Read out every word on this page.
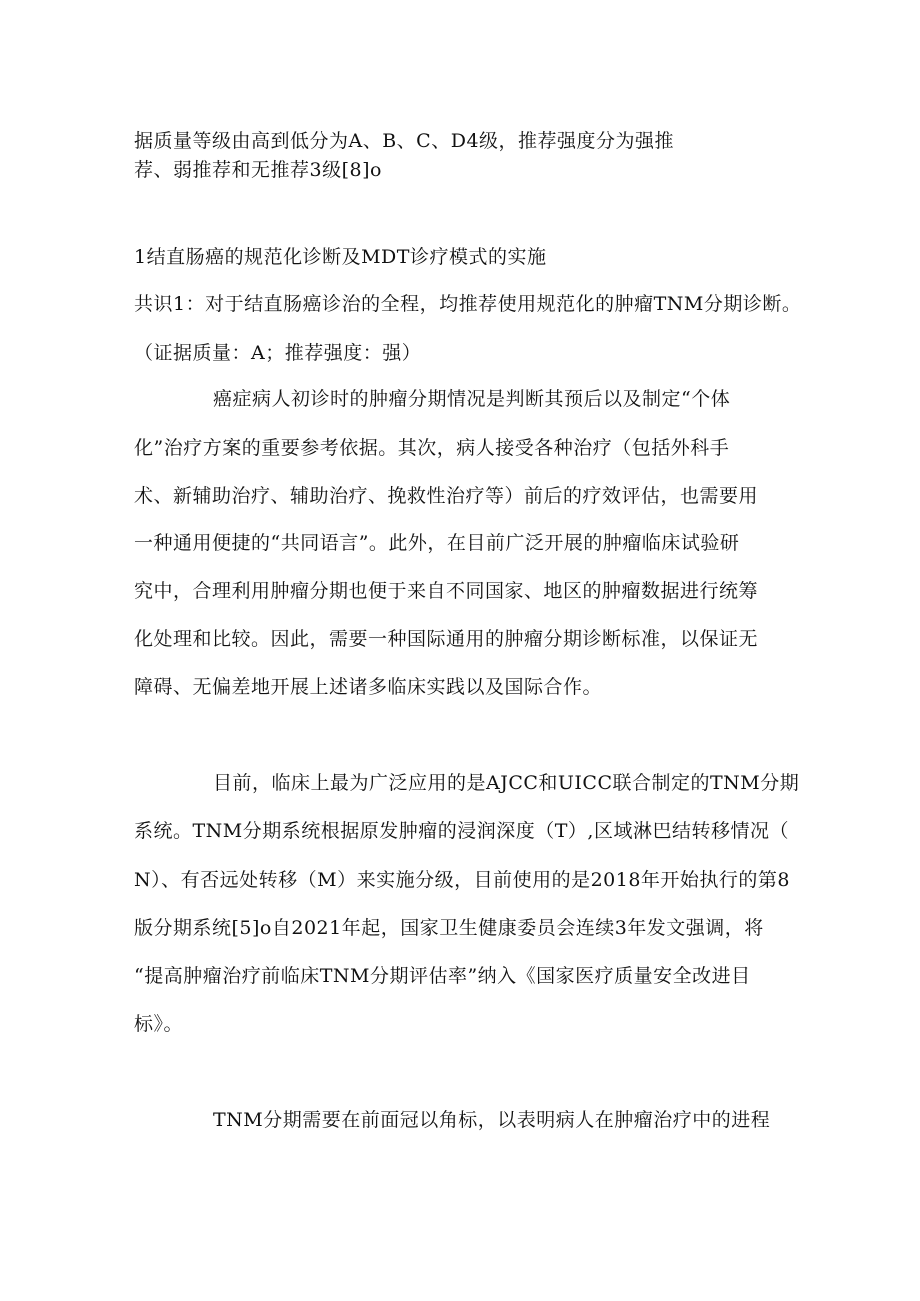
据质量等级由高到低分为A、B、C、D4级，推荐强度分为强推
荐、弱推荐和无推荐3级[8]o
1结直肠癌的规范化诊断及MDT诊疗模式的实施
共识1：对于结直肠癌诊治的全程，均推荐使用规范化的肿瘤TNM分期诊断。
（证据质量：A；推荐强度：强）
癌症病人初诊时的肿瘤分期情况是判断其预后以及制定“个体
化”治疗方案的重要参考依据。其次，病人接受各种治疗（包括外科手
术、新辅助治疗、辅助治疗、挽救性治疗等）前后的疗效评估，也需要用
一种通用便捷的“共同语言”。此外，在目前广泛开展的肿瘤临床试验研
究中，合理利用肿瘤分期也便于来自不同国家、地区的肿瘤数据进行统筹
化处理和比较。因此，需要一种国际通用的肿瘤分期诊断标准，以保证无
障碍、无偏差地开展上述诸多临床实践以及国际合作。
目前，临床上最为广泛应用的是AJCC和UICC联合制定的TNM分期
系统。TNM分期系统根据原发肿瘤的浸润深度（T）,区域淋巴结转移情况（
N）、有否远处转移（M）来实施分级，目前使用的是2018年开始执行的第8
版分期系统[5]o自2021年起，国家卫生健康委员会连续3年发文强调，将
“提高肿瘤治疗前临床TNM分期评估率”纳入《国家医疗质量安全改进目
标》。
TNM分期需要在前面冠以角标，以表明病人在肿瘤治疗中的进程
